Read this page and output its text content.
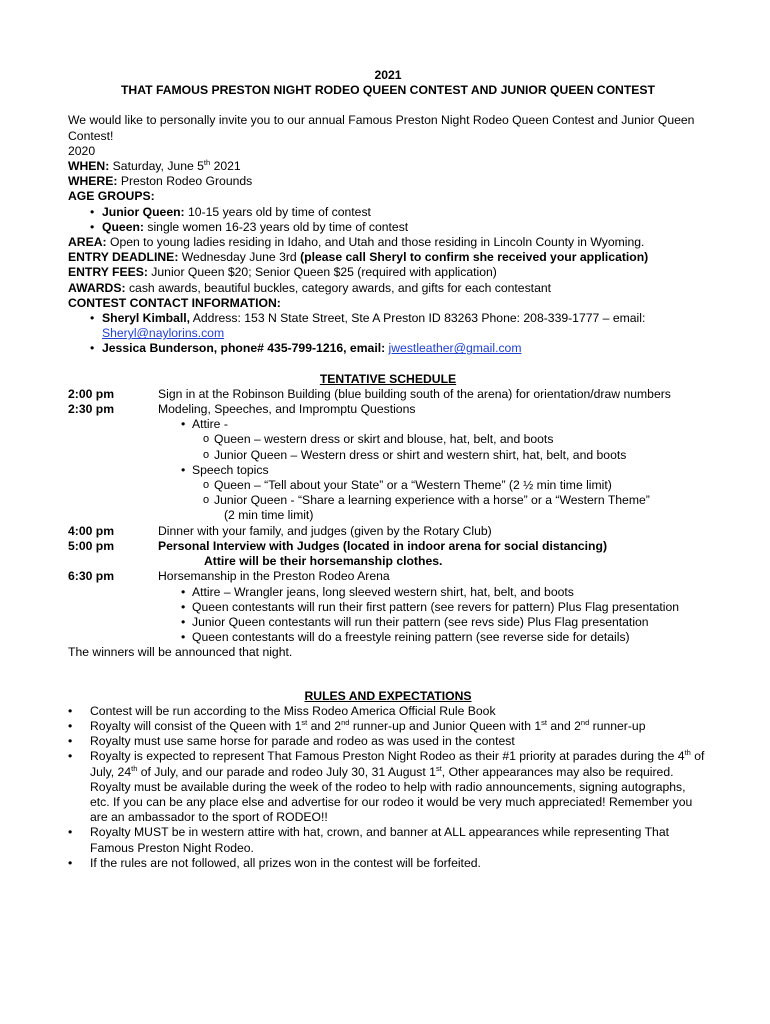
2021
THAT FAMOUS PRESTON NIGHT RODEO QUEEN CONTEST AND JUNIOR QUEEN CONTEST

We would like to personally invite you to our annual Famous Preston Night Rodeo Queen Contest and Junior Queen Contest!

2020

WHEN: Saturday, June 5th 2021

WHERE: Preston Rodeo Grounds

AGE GROUPS:

• Junior Queen: 10-15 years old by time of contest
• Queen: single women 16-23 years old by time of contest

AREA: Open to young ladies residing in Idaho, and Utah and those residing in Lincoln County in Wyoming.

ENTRY DEADLINE: Wednesday June 3rd (please call Sheryl to confirm she received your application)

ENTRY FEES: Junior Queen $20; Senior Queen $25 (required with application)

AWARDS: cash awards, beautiful buckles, category awards, and gifts for each contestant

CONTEST CONTACT INFORMATION:

• Sheryl Kimball, Address: 153 N State Street, Ste A Preston ID 83263 Phone: 208-339-1777 – email: Sheryl@naylorins.com
• Jessica Bunderson, phone# 435-799-1216, email: jwestleather@gmail.com
TENTATIVE SCHEDULE
2:00 pm	Sign in at the Robinson Building (blue building south of the arena) for orientation/draw numbers
2:30 pm	Modeling, Speeches, and Impromptu Questions
• Attire -
o Queen – western dress or skirt and blouse, hat, belt, and boots
o Junior Queen – Western dress or shirt and western shirt, hat, belt, and boots
• Speech topics
o Queen – “Tell about your State” or a “Western Theme” (2 ½ min time limit)
o Junior Queen - “Share a learning experience with a horse” or a “Western Theme”
(2 min time limit)
4:00 pm	Dinner with your family, and judges (given by the Rotary Club)
5:00 pm	Personal Interview with Judges (located in indoor arena for social distancing)
Attire will be their horsemanship clothes.
6:30 pm	Horsemanship in the Preston Rodeo Arena
• Attire – Wrangler jeans, long sleeved western shirt, hat, belt, and boots
• Queen contestants will run their first pattern (see revers for pattern) Plus Flag presentation
• Junior Queen contestants will run their pattern (see revs side) Plus Flag presentation
• Queen contestants will do a freestyle reining pattern (see reverse side for details)

The winners will be announced that night.

RULES AND EXPECTATIONS
• Contest will be run according to the Miss Rodeo America Official Rule Book
• Royalty will consist of the Queen with 1st and 2nd runner-up and Junior Queen with 1st and 2nd runner-up
• Royalty must use same horse for parade and rodeo as was used in the contest
• Royalty is expected to represent That Famous Preston Night Rodeo as their #1 priority at parades during the 4th of July, 24th of July, and our parade and rodeo July 30, 31 August 1st, Other appearances may also be required. Royalty must be available during the week of the rodeo to help with radio announcements, signing autographs, etc. If you can be any place else and advertise for our rodeo it would be very much appreciated! Remember you are an ambassador to the sport of RODEO!!
• Royalty MUST be in western attire with hat, crown, and banner at ALL appearances while representing That Famous Preston Night Rodeo.
• If the rules are not followed, all prizes won in the contest will be forfeited.
